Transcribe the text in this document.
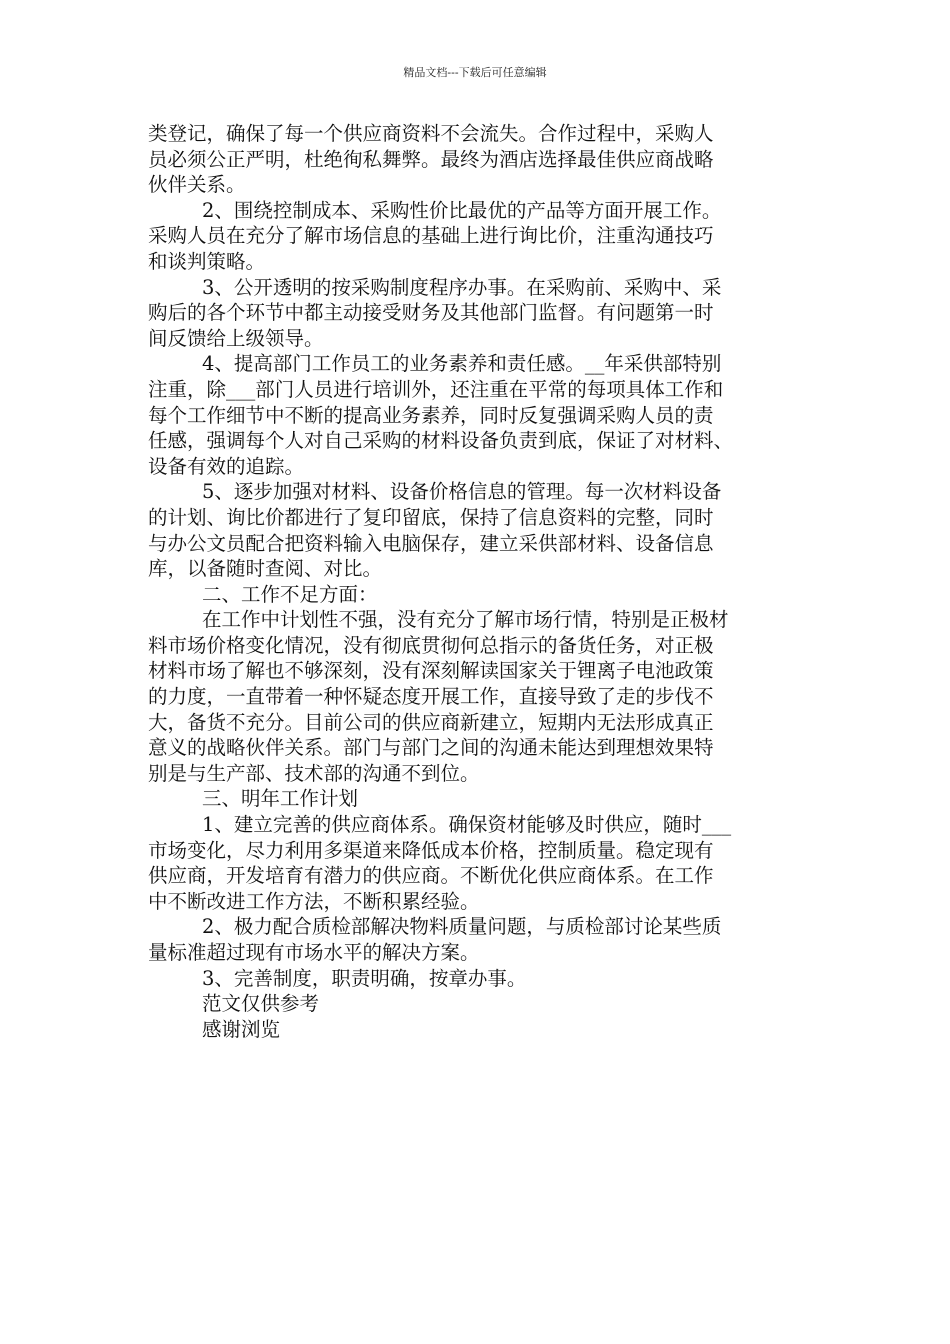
精品文档---下载后可任意编辑
类登记，确保了每一个供应商资料不会流失。合作过程中，采购人
员必须公正严明，杜绝徇私舞弊。最终为酒店选择最佳供应商战略
伙伴关系。
2、围绕控制成本、采购性价比最优的产品等方面开展工作。
采购人员在充分了解市场信息的基础上进行询比价，注重沟通技巧
和谈判策略。
3、公开透明的按采购制度程序办事。在采购前、采购中、采
购后的各个环节中都主动接受财务及其他部门监督。有问题第一时
间反馈给上级领导。
4、提高部门工作员工的业务素养和责任感。__年采供部特别
注重，除___部门人员进行培训外，还注重在平常的每项具体工作和
每个工作细节中不断的提高业务素养，同时反复强调采购人员的责
任感，强调每个人对自己采购的材料设备负责到底，保证了对材料、
设备有效的追踪。
5、逐步加强对材料、设备价格信息的管理。每一次材料设备
的计划、询比价都进行了复印留底，保持了信息资料的完整，同时
与办公文员配合把资料输入电脑保存，建立采供部材料、设备信息
库，以备随时查阅、对比。
二、工作不足方面：
在工作中计划性不强，没有充分了解市场行情，特别是正极材
料市场价格变化情况，没有彻底贯彻何总指示的备货任务，对正极
材料市场了解也不够深刻，没有深刻解读国家关于锂离子电池政策
的力度，一直带着一种怀疑态度开展工作，直接导致了走的步伐不
大，备货不充分。目前公司的供应商新建立，短期内无法形成真正
意义的战略伙伴关系。部门与部门之间的沟通未能达到理想效果特
别是与生产部、技术部的沟通不到位。
三、明年工作计划
1、建立完善的供应商体系。确保资材能够及时供应，随时___
市场变化，尽力利用多渠道来降低成本价格，控制质量。稳定现有
供应商，开发培育有潜力的供应商。不断优化供应商体系。在工作
中不断改进工作方法，不断积累经验。
2、极力配合质检部解决物料质量问题，与质检部讨论某些质
量标准超过现有市场水平的解决方案。
3、完善制度，职责明确，按章办事。
范文仅供参考
感谢浏览
